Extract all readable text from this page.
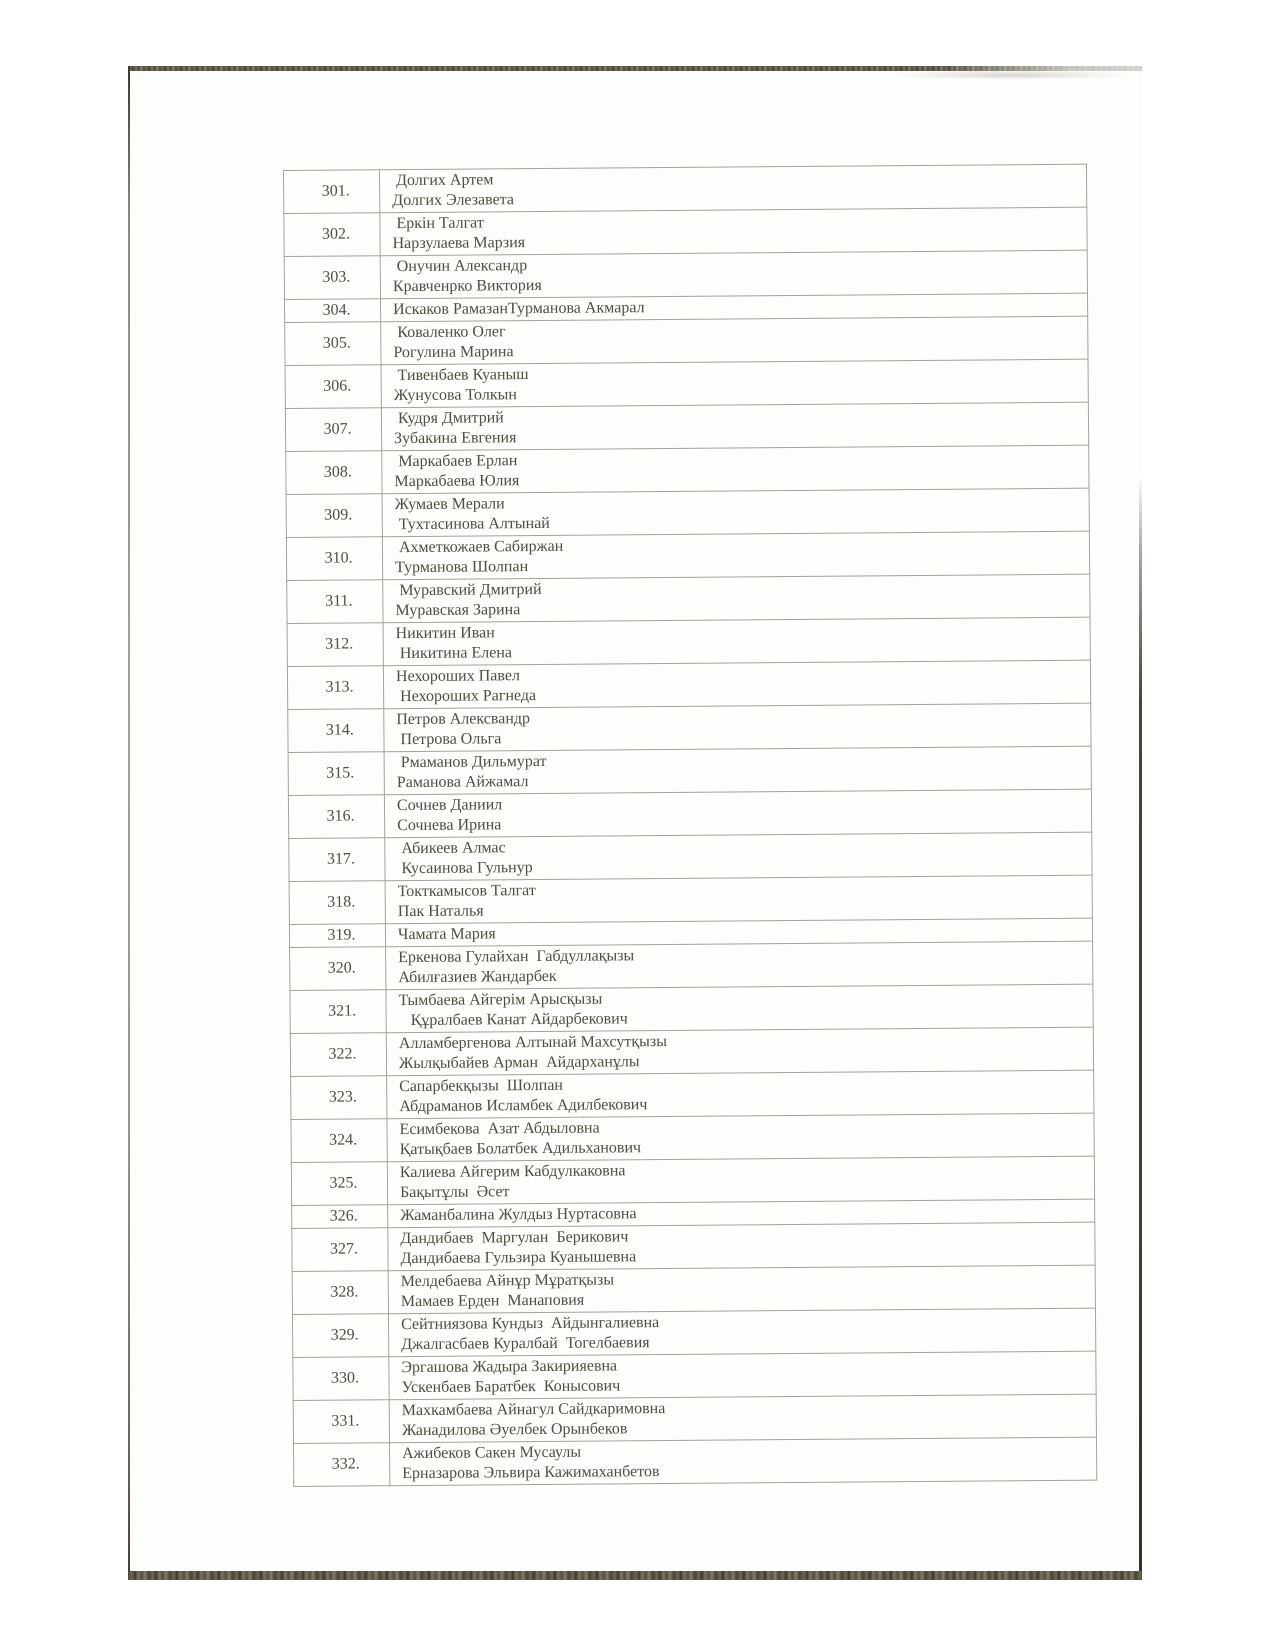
301.	Долгих Артем
Долгих Элезавета
302.	Еркін Талгат
Нарзулаева Марзия
303.	Онучин Александр
Кравченрко Виктория
304.	Искаков РамазанТурманова Акмарал
305.	Коваленко Олег
Рогулина Марина
306.	Тивенбаев Куаныш
Жунусова Толкын
307.	Кудря Дмитрий
Зубакина Евгения
308.	Маркабаев Ерлан
Маркабаева Юлия
309.	Жумаев Мерали
Тухтасинова Алтынай
310.	Ахметкожаев Сабиржан
Турманова Шолпан
311.	Муравский Дмитрий
Муравская Зарина
312.	Никитин Иван
Никитина Елена
313.	Нехороших Павел
Нехороших Рагнеда
314.	Петров Алексвандр
Петрова Ольга
315.	Рмаманов Дильмурат
Раманова Айжамал
316.	Сочнев Даниил
Сочнева Ирина
317.	Абикеев Алмас
Кусаинова Гульнур
318.	Токткамысов Талгат
Пак Наталья
319.	Чамата Мария
320.	Еркенова Гулайхан  Габдуллақызы
Абилғазиев Жандарбек
321.	Тымбаева Айгерім Арысқызы
Құралбаев Канат Айдарбекович
322.	Алламбергенова Алтынай Махсутқызы
Жылқыбайев Арман  Айдарханұлы
323.	Сапарбекқызы  Шолпан
Абдраманов Исламбек Адилбекович
324.	Есимбекова  Азат Абдыловна
Қатықбаев Болатбек Адильханович
325.	Калиева Айгерим Кабдулкаковна
Бақытұлы  Әсет
326.	Жаманбалина Жулдыз Нуртасовна
327.	Дандибаев  Маргулан  Берикович
Дандибаева Гульзира Куанышевна
328.	Мелдебаева Айнұр Мұратқызы
Мамаев Ерден  Манаповия
329.	Сейтниязова Кундыз  Айдынгалиевна
Джалгасбаев Куралбай  Тогелбаевия
330.	Эргашова Жадыра Закирияевна
Ускенбаев Баратбек  Конысович
331.	Махкамбаева Айнагул Сайдкаримовна
Жанадилова Әуелбек Орынбеков
332.	Ажибеков Сакен Мусаулы
Ерназарова Эльвира Кажимаханбетов
